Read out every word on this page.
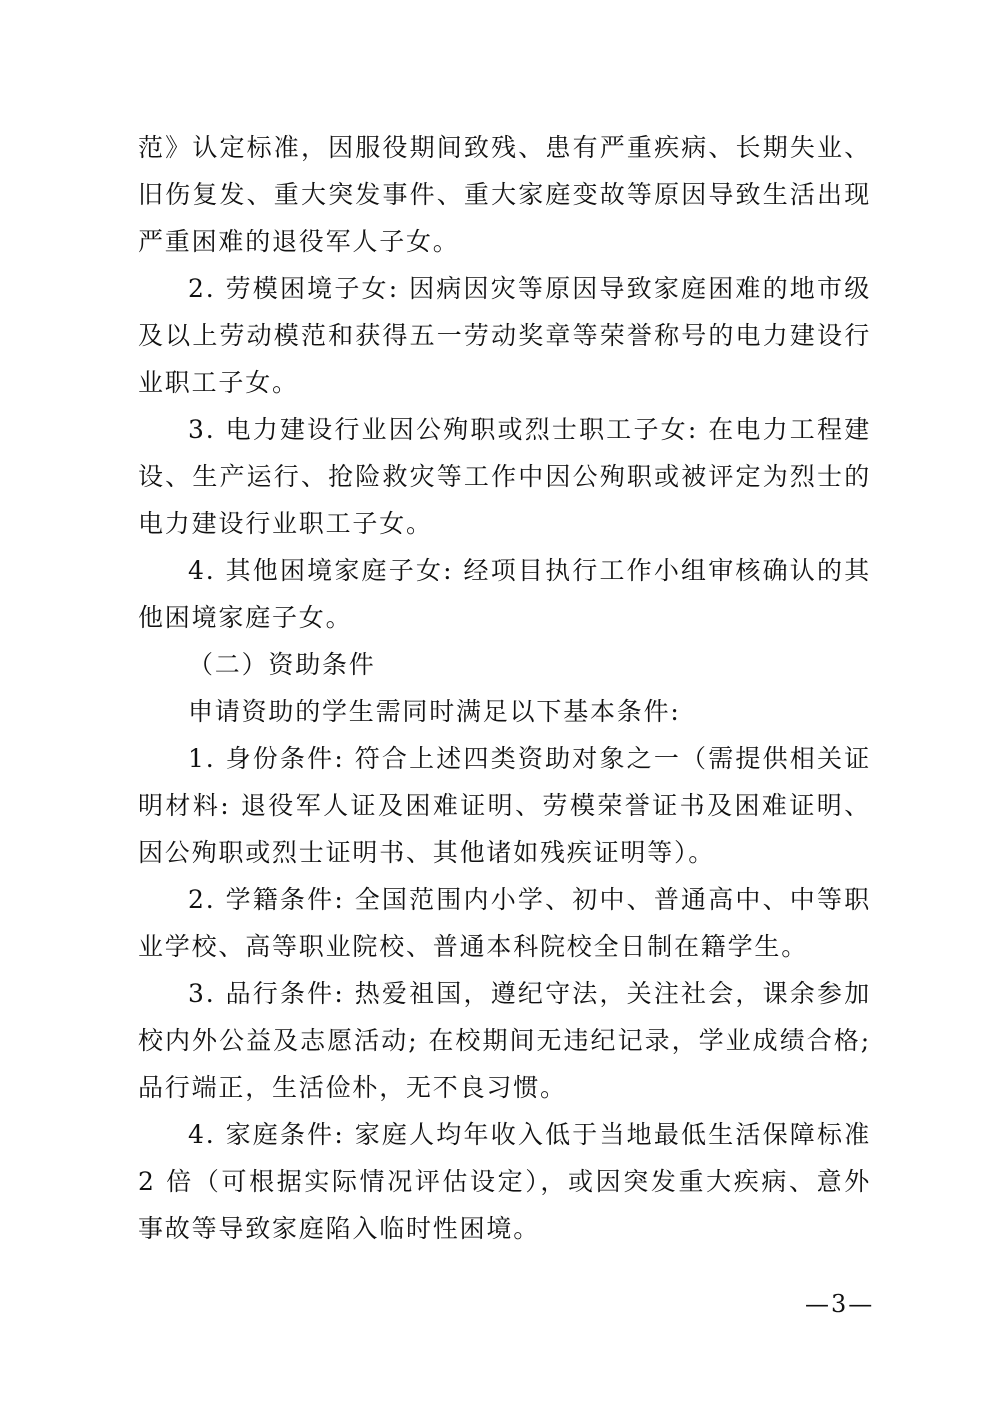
范》认定标准，因服役期间致残、患有严重疾病、长期失业、旧伤复发、重大突发事件、重大家庭变故等原因导致生活出现严重困难的退役军人子女。

2. 劳模困境子女: 因病因灾等原因导致家庭困难的地市级及以上劳动模范和获得五一劳动奖章等荣誉称号的电力建设行业职工子女。

3. 电力建设行业因公殉职或烈士职工子女: 在电力工程建设、生产运行、抢险救灾等工作中因公殉职或被评定为烈士的电力建设行业职工子女。

4. 其他困境家庭子女: 经项目执行工作小组审核确认的其他困境家庭子女。

（二）资助条件

申请资助的学生需同时满足以下基本条件:

1. 身份条件: 符合上述四类资助对象之一（需提供相关证明材料: 退役军人证及困难证明、劳模荣誉证书及困难证明、因公殉职或烈士证明书、其他诸如残疾证明等）。

2. 学籍条件: 全国范围内小学、初中、普通高中、中等职业学校、高等职业院校、普通本科院校全日制在籍学生。

3. 品行条件: 热爱祖国，遵纪守法，关注社会，课余参加校内外公益及志愿活动; 在校期间无违纪记录，学业成绩合格; 品行端正，生活俭朴，无不良习惯。

4. 家庭条件: 家庭人均年收入低于当地最低生活保障标准 2 倍（可根据实际情况评估设定），或因突发重大疾病、意外事故等导致家庭陷入临时性困境。

—3—
